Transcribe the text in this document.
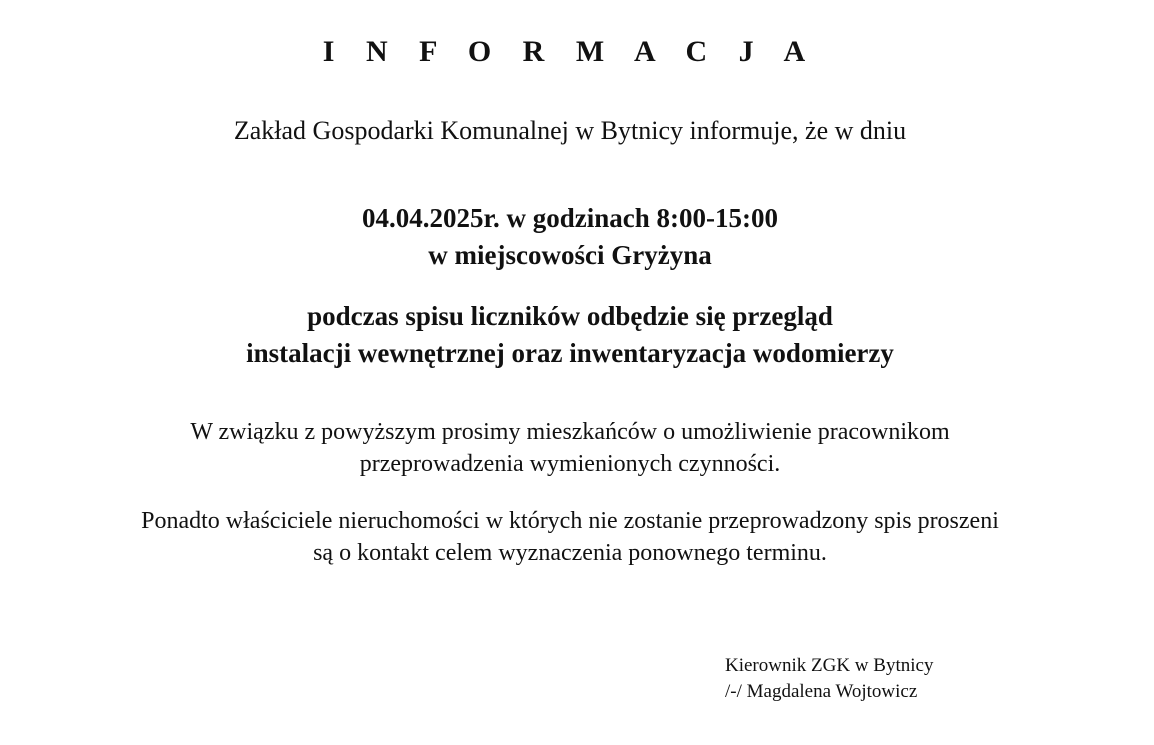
I N F O R M A C J A
Zakład Gospodarki Komunalnej w Bytnicy informuje, że w dniu
04.04.2025r. w godzinach 8:00-15:00
w miejscowości Gryżyna
podczas spisu liczników odbędzie się przegląd
instalacji wewnętrznej oraz inwentaryzacja wodomierzy
W związku z powyższym prosimy mieszkańców o umożliwienie pracownikom
przeprowadzenia wymienionych czynności.
Ponadto właściciele nieruchomości w których nie zostanie przeprowadzony spis proszeni
są o kontakt celem wyznaczenia ponownego terminu.
Kierownik ZGK w Bytnicy
/-/ Magdalena Wojtowicz
